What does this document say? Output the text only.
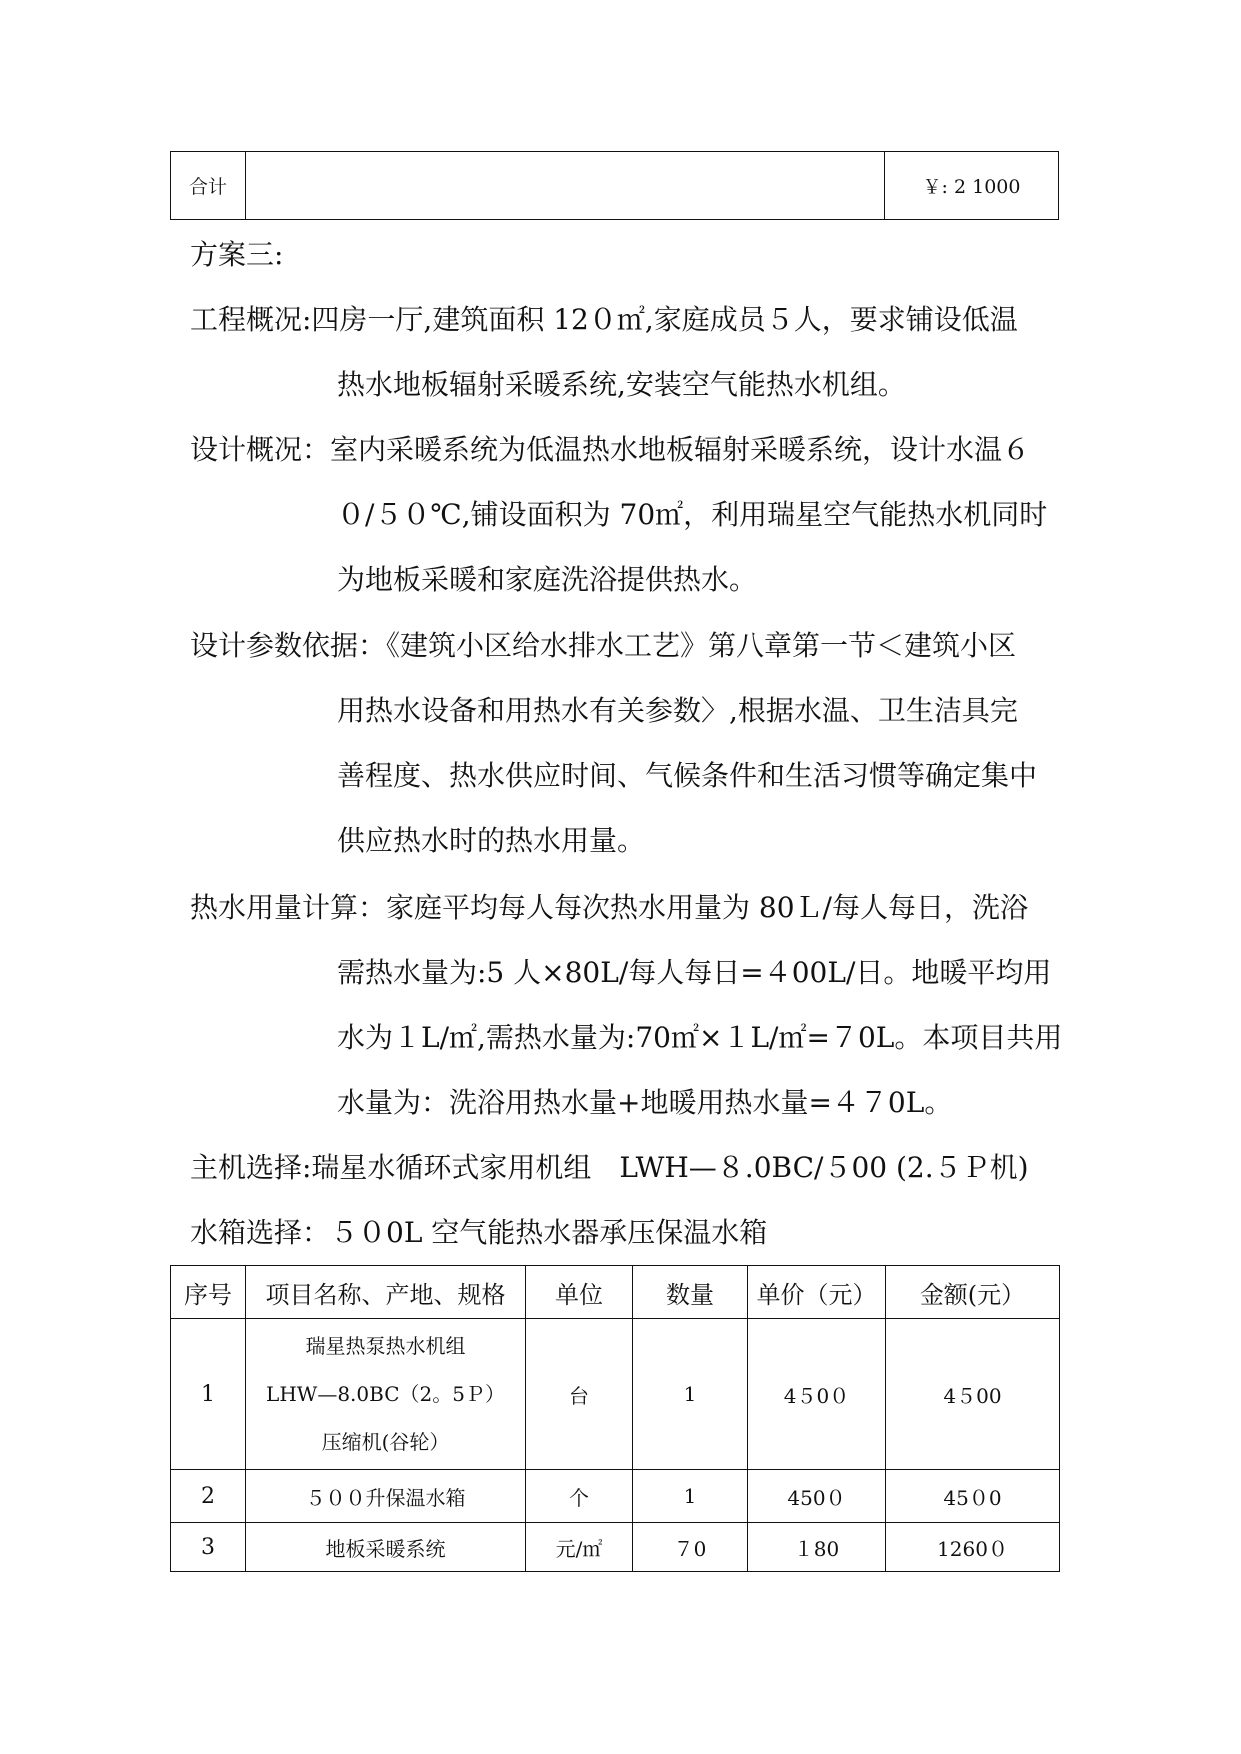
合计		￥: 2 1000
方案三:
工程概况:四房一厅,建筑面积 12０㎡,家庭成员５人，要求铺设低温
热水地板辐射采暖系统,安装空气能热水机组。
设计概况：室内采暖系统为低温热水地板辐射采暖系统，设计水温６
０/５０℃,铺设面积为 70㎡，利用瑞星空气能热水机同时
为地板采暖和家庭洗浴提供热水。
设计参数依据：《建筑小区给水排水工艺》第八章第一节＜建筑小区
用热水设备和用热水有关参数〉,根据水温、卫生洁具完
善程度、热水供应时间、气候条件和生活习惯等确定集中
供应热水时的热水用量。
热水用量计算：家庭平均每人每次热水用量为 80Ｌ/每人每日，洗浴
需热水量为:5 人×80L/每人每日=４00L/日。地暖平均用
水为１L/㎡,需热水量为:70㎡×１L/㎡=７0L。本项目共用
水量为：洗浴用热水量+地暖用热水量=４７0L。
主机选择:瑞星水循环式家用机组　LWH—８.0BC/５00 (2.５Ｐ机)
水箱选择：５０0L 空气能热水器承压保温水箱
序号	项目名称、产地、规格	单位	数量	单价（元）	金额(元）
1	瑞星热泵热水机组
LHW—8.0BC（2。5Ｐ）
压缩机(谷轮）	台	1	4５0０	4５00
2	５００升保温水箱	个	1	450０	45０0
3	地板采暖系统	元/㎡	７0	１80	1260０
